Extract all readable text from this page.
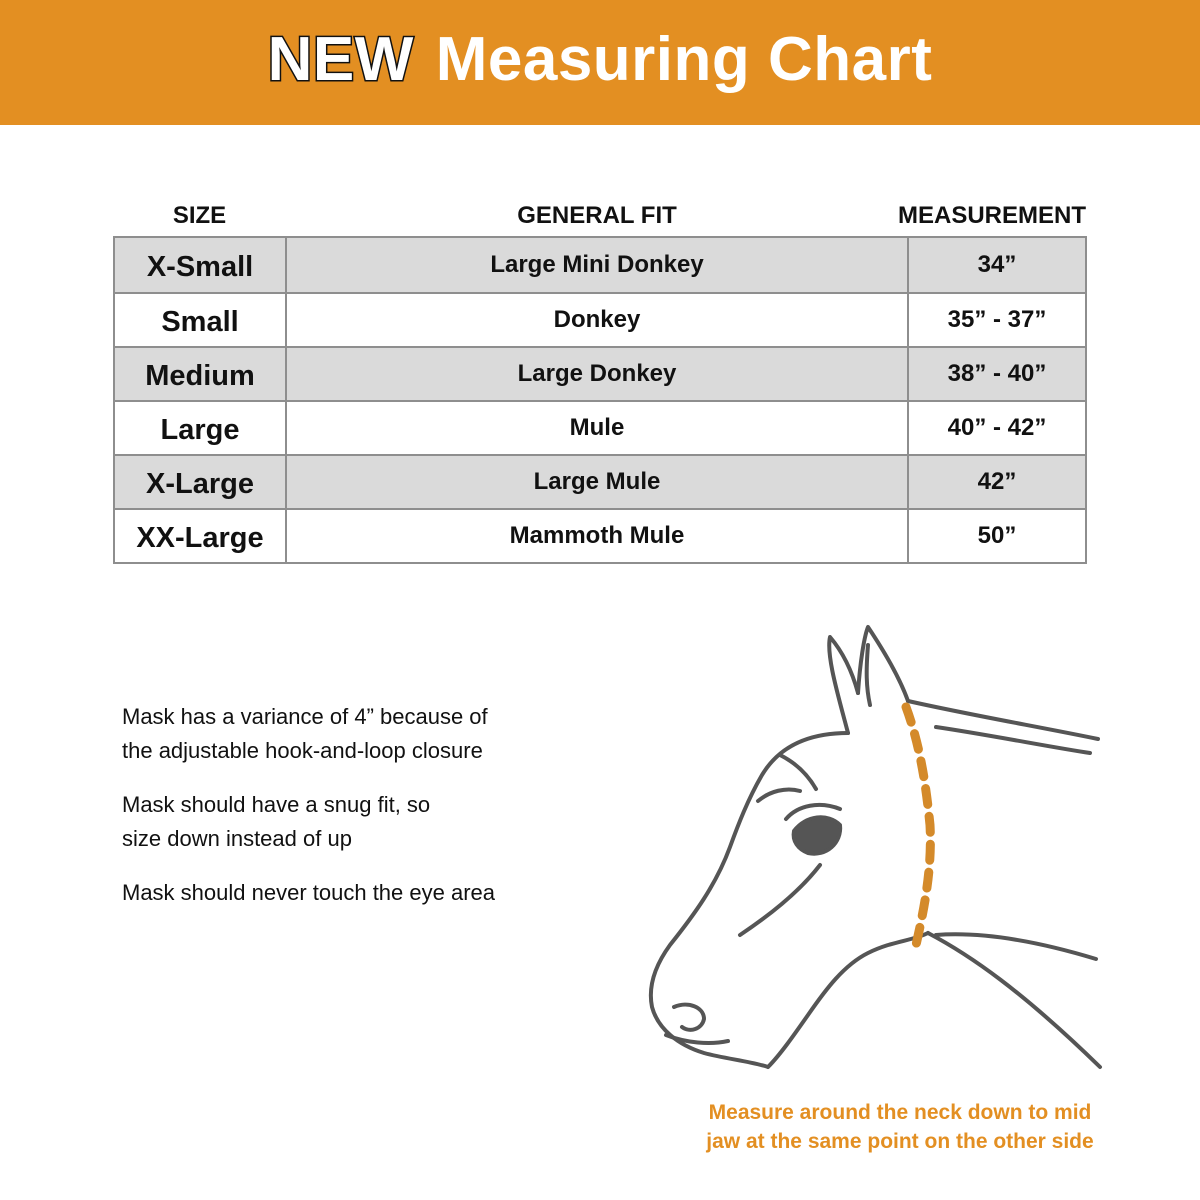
NEW Measuring Chart
SIZE	GENERAL FIT	MEASUREMENT
X-Small	Large Mini Donkey	34”
Small	Donkey	35” - 37”
Medium	Large Donkey	38” - 40”
Large	Mule	40” - 42”
X-Large	Large Mule	42”
XX-Large	Mammoth Mule	50”

Mask has a variance of 4” because of
the adjustable hook-and-loop closure

Mask should have a snug fit, so
size down instead of up

Mask should never touch the eye area

Measure around the neck down to mid
jaw at the same point on the other side
